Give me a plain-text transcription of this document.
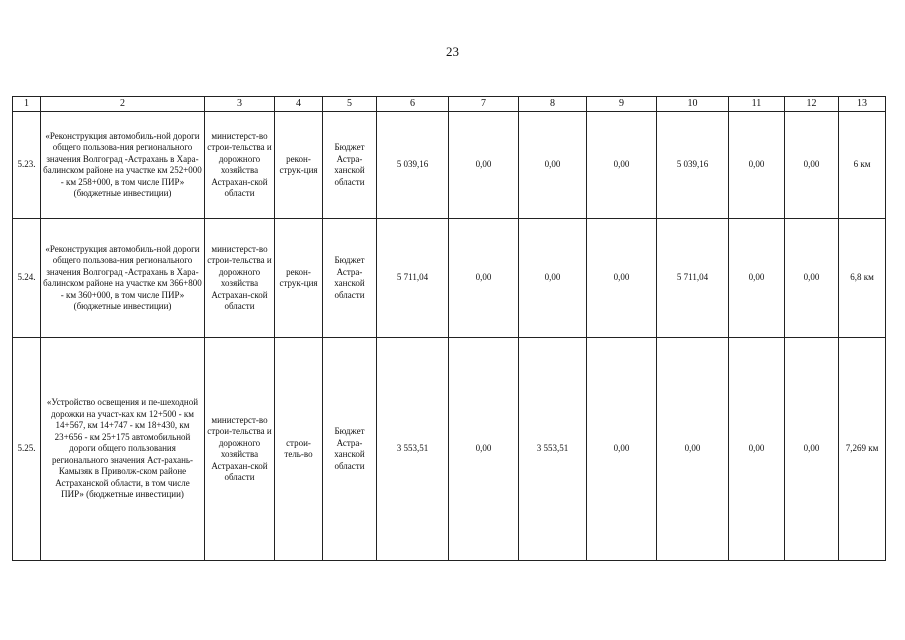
23
1	2	3	4	5	6	7	8	9	10	11	12	13
5.23.	«Реконструкция автомобиль-ной дороги общего пользова-ния регионального значения Волгоград -Астрахань в Хара-балинском районе на участке км 252+000 - км 258+000, в том числе ПИР» (бюджетные инвестиции)	министерст-во строи-тельства и дорожного хозяйства Астрахан-ской области	рекон-струк-ция	Бюджет Астра-ханской области	5 039,16	0,00	0,00	0,00	5 039,16	0,00	0,00	6 км
5.24.	«Реконструкция автомобиль-ной дороги общего пользова-ния регионального значения Волгоград -Астрахань в Хара-балинском районе на участке км 366+800 - км 360+000, в том числе ПИР» (бюджетные инвестиции)	министерст-во строи-тельства и дорожного хозяйства Астрахан-ской области	рекон-струк-ция	Бюджет Астра-ханской области	5 711,04	0,00	0,00	0,00	5 711,04	0,00	0,00	6,8 км
5.25.	«Устройство освещения и пе-шеходной дорожки на участ-ках км 12+500 - км 14+567, км 14+747 - км 18+430, км 23+656 - км 25+175 автомобильной дороги общего пользования регионального значения Аст-рахань- Камызяк в Приволж-ском районе Астраханской области, в том числе ПИР» (бюджетные инвестиции)	министерст-во строи-тельства и дорожного хозяйства Астрахан-ской области	строи-тель-во	Бюджет Астра-ханской области	3 553,51	0,00	3 553,51	0,00	0,00	0,00	0,00	7,269 км
